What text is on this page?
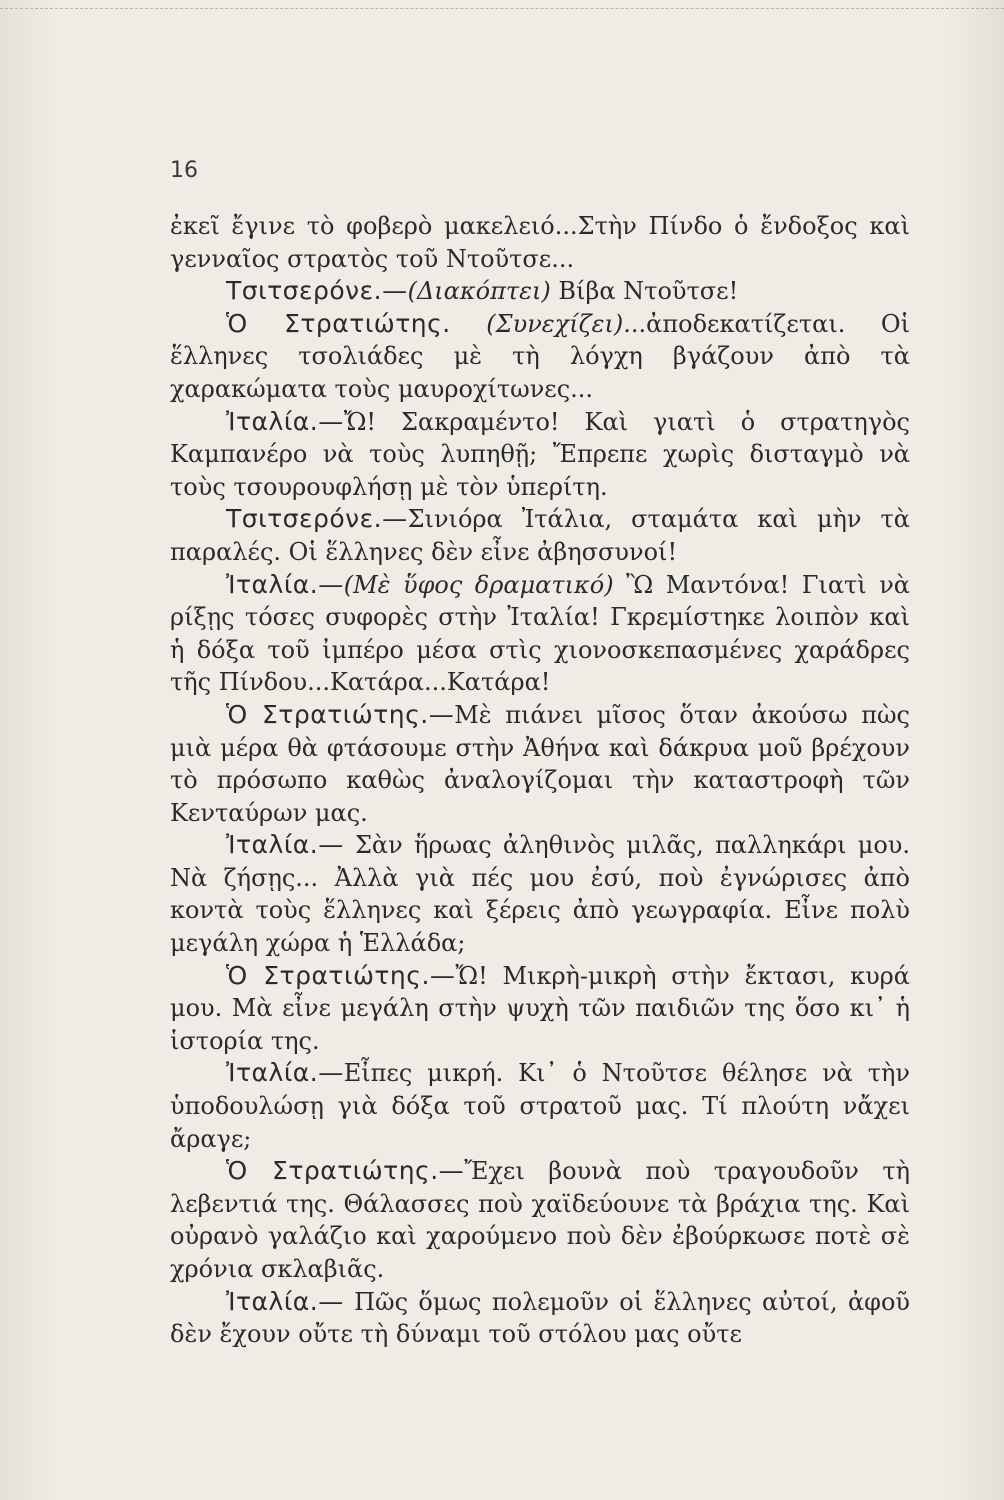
16

ἐκεῖ ἔγινε τὸ φοβερὸ μακελειό...Στὴν Πίνδο ὁ ἔνδοξος καὶ γενναῖος στρατὸς τοῦ Ντοῦτσε...

Τσιτσερόνε.—(Διακόπτει) Βίβα Ντοῦτσε!

Ὁ Στρατιώτης. (Συνεχίζει)...ἀποδεκατίζεται. Οἱ ἕλληνες τσολιάδες μὲ τὴ λόγχη βγάζουν ἀπὸ τὰ χαρακώματα τοὺς μαυροχίτωνες...

Ἰταλία.—Ὤ! Σακραμέντο! Καὶ γιατὶ ὁ στρατηγὸς Καμπανέρο νὰ τοὺς λυπηθῇ; Ἔπρεπε χωρὶς δισταγμὸ νὰ τοὺς τσουρουφλήσῃ μὲ τὸν ὑπερίτη.

Τσιτσερόνε.—Σινιόρα Ἰτάλια, σταμάτα καὶ μὴν τὰ παραλές. Οἱ ἕλληνες δὲν εἶνε ἀβησσυνοί!

Ἰταλία.—(Μὲ ὕφος δραματικό) Ὢ Μαντόνα! Γιατὶ νὰ ρίξῃς τόσες συφορὲς στὴν Ἰταλία! Γκρεμίστηκε λοιπὸν καὶ ἡ δόξα τοῦ ἰμπέρο μέσα στὶς χιονοσκεπασμένες χαράδρες τῆς Πίνδου...Κατάρα...Κατάρα!

Ὁ Στρατιώτης.—Μὲ πιάνει μῖσος ὅταν ἀκούσω πὼς μιὰ μέρα θὰ φτάσουμε στὴν Ἀθήνα καὶ δάκρυα μοῦ βρέχουν τὸ πρόσωπο καθὼς ἀναλογίζομαι τὴν καταστροφὴ τῶν Κενταύρων μας.

Ἰταλία.— Σὰν ἥρωας ἀληθινὸς μιλᾶς, παλληκάρι μου. Νὰ ζήσῃς... Ἀλλὰ γιὰ πές μου ἐσύ, ποὺ ἐγνώρισες ἀπὸ κοντὰ τοὺς ἕλληνες καὶ ξέρεις ἀπὸ γεωγραφία. Εἶνε πολὺ μεγάλη χώρα ἡ Ἑλλάδα;

Ὁ Στρατιώτης.—Ὤ! Μικρὴ-μικρὴ στὴν ἔκτασι, κυρά μου. Μὰ εἶνε μεγάλη στὴν ψυχὴ τῶν παιδιῶν της ὅσο κι᾽ ἡ ἱστορία της.

Ἰταλία.—Εἶπες μικρή. Κι᾽ ὁ Ντοῦτσε θέλησε νὰ τὴν ὑποδουλώσῃ γιὰ δόξα τοῦ στρατοῦ μας. Τί πλούτη νἄχει ἄραγε;

Ὁ Στρατιώτης.—Ἔχει βουνὰ ποὺ τραγουδοῦν τὴ λεβεντιά της. Θάλασσες ποὺ χαϊδεύουνε τὰ βράχια της. Καὶ οὐρανὸ γαλάζιο καὶ χαρούμενο ποὺ δὲν ἐβούρκωσε ποτὲ σὲ χρόνια σκλαβιᾶς.

Ἰταλία.— Πῶς ὅμως πολεμοῦν οἱ ἕλληνες αὐτοί, ἀφοῦ δὲν ἔχουν οὔτε τὴ δύναμι τοῦ στόλου μας οὔτε
